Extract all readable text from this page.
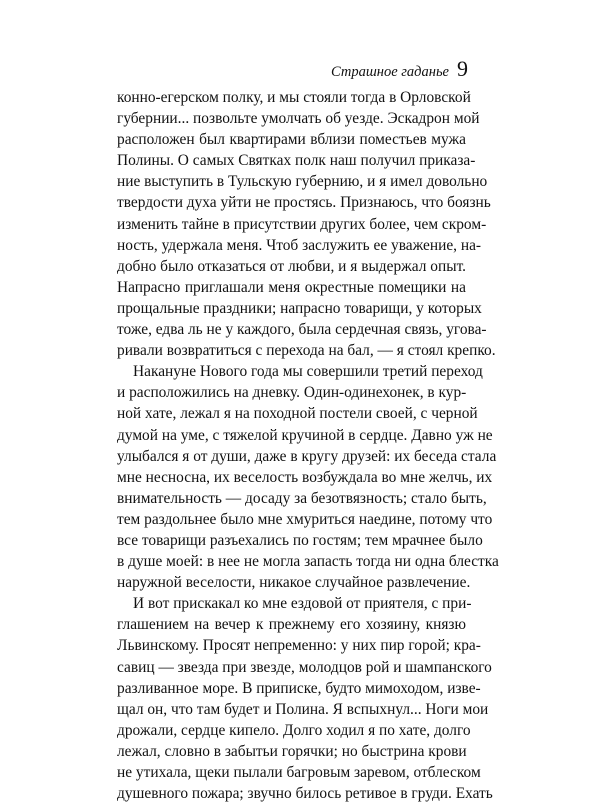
Страшное гаданье 9
конно-егерском полку, и мы стояли тогда в Орловской
губернии... позвольте умолчать об уезде. Эскадрон мой
расположен был квартирами вблизи поместьев мужа
Полины. О самых Святках полк наш получил приказа-
ние выступить в Тульскую губернию, и я имел довольно
твердости духа уйти не простясь. Признаюсь, что боязнь
изменить тайне в присутствии других более, чем скром-
ность, удержала меня. Чтоб заслужить ее уважение, на-
добно было отказаться от любви, и я выдержал опыт.
Напрасно приглашали меня окрестные помещики на
прощальные праздники; напрасно товарищи, у которых
тоже, едва ль не у каждого, была сердечная связь, угова-
ривали возвратиться с перехода на бал, — я стоял крепко.
Накануне Нового года мы совершили третий переход
и расположились на дневку. Один-одинехонек, в кур-
ной хате, лежал я на походной постели своей, с черной
думой на уме, с тяжелой кручиной в сердце. Давно уж не
улыбался я от души, даже в кругу друзей: их беседа стала
мне несносна, их веселость возбуждала во мне желчь, их
внимательность — досаду за безотвязность; стало быть,
тем раздольнее было мне хмуриться наедине, потому что
все товарищи разъехались по гостям; тем мрачнее было
в душе моей: в нее не могла запасть тогда ни одна блестка
наружной веселости, никакое случайное развлечение.
И вот прискакал ко мне ездовой от приятеля, с при-
глашением на вечер к прежнему его хозяину, князю
Львинскому. Просят непременно: у них пир горой; кра-
савиц — звезда при звезде, молодцов рой и шампанского
разливанное море. В приписке, будто мимоходом, изве-
щал он, что там будет и Полина. Я вспыхнул... Ноги мои
дрожали, сердце кипело. Долго ходил я по хате, долго
лежал, словно в забытьи горячки; но быстрина крови
не утихала, щеки пылали багровым заревом, отблеском
душевного пожара; звучно билось ретивое в груди. Ехать
